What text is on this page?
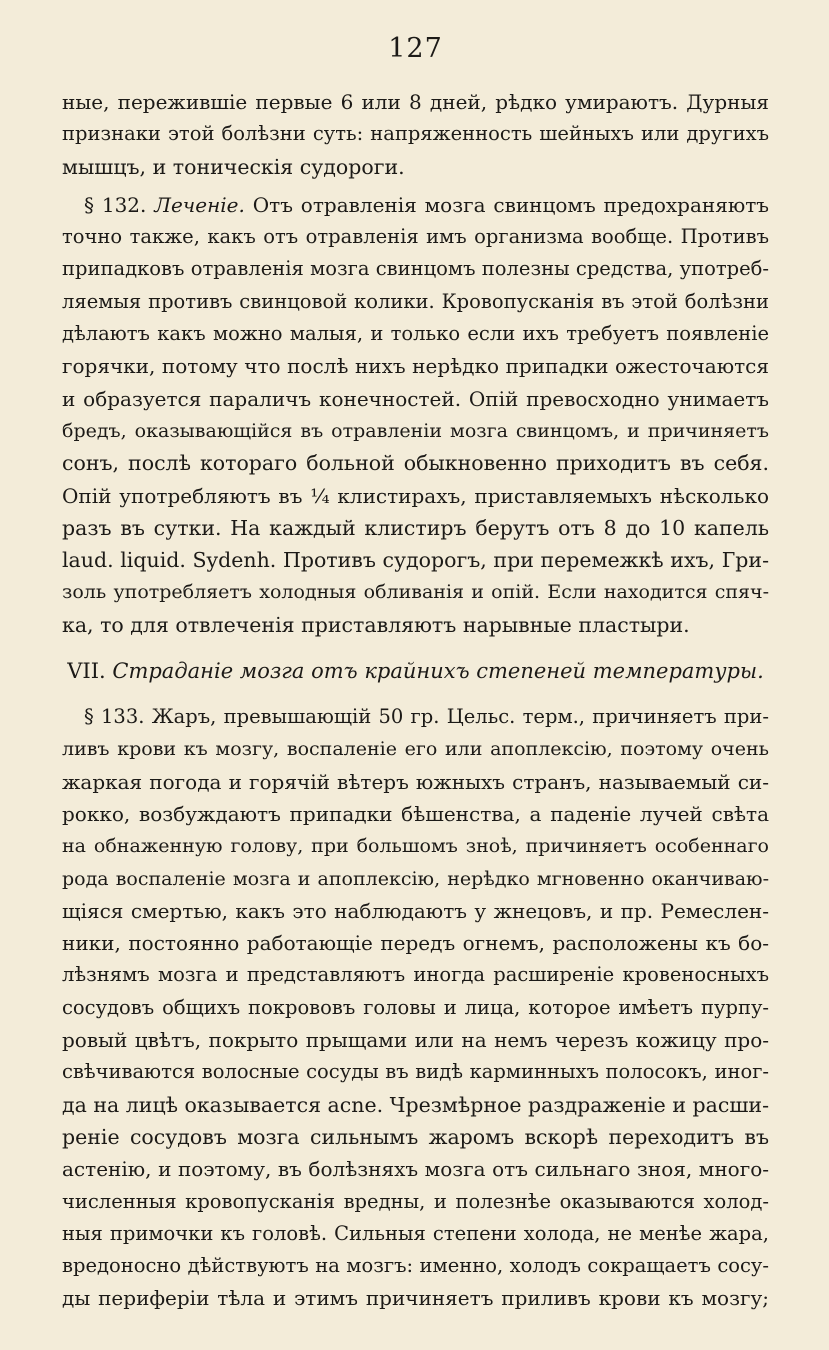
127
ные, пережившіе первые 6 или 8 дней, рѣдко умираютъ. Дурныя
признаки этой болѣзни суть: напряженность шейныхъ или другихъ
мышцъ, и тоническія судороги.
§ 132. Леченіе. Отъ отравленія мозга свинцомъ предохраняютъ
точно также, какъ отъ отравленія имъ организма вообще. Противъ
припадковъ отравленія мозга свинцомъ полезны средства, употреб-
ляемыя противъ свинцовой колики. Кровопусканія въ этой болѣзни
дѣлаютъ какъ можно малыя, и только если ихъ требуетъ появленіе
горячки, потому что послѣ нихъ нерѣдко припадки ожесточаются
и образуется параличъ конечностей. Опій превосходно унимаетъ
бредъ, оказывающійся въ отравленіи мозга свинцомъ, и причиняетъ
сонъ, послѣ котораго больной обыкновенно приходитъ въ себя.
Опій употребляютъ въ ¼ клистирахъ, приставляемыхъ нѣсколько
разъ въ сутки. На каждый клистиръ берутъ отъ 8 до 10 капель
laud. liquid. Sydenh. Противъ судорогъ, при перемежкѣ ихъ, Гри-
золь употребляетъ холодныя обливанія и опій. Если находится спяч-
ка, то для отвлеченія приставляютъ нарывные пластыри.
VII. Страданіе мозга отъ крайнихъ степеней температуры.
§ 133. Жаръ, превышающій 50 гр. Цельс. терм., причиняетъ при-
ливъ крови къ мозгу, воспаленіе его или апоплексію, поэтому очень
жаркая погода и горячій вѣтеръ южныхъ странъ, называемый си-
рокко, возбуждаютъ припадки бѣшенства, а паденіе лучей свѣта
на обнаженную голову, при большомъ зноѣ, причиняетъ особеннаго
рода воспаленіе мозга и апоплексію, нерѣдко мгновенно оканчиваю-
щіяся смертью, какъ это наблюдаютъ у жнецовъ, и пр. Ремеслен-
ники, постоянно работающіе передъ огнемъ, расположены къ бо-
лѣзнямъ мозга и представляютъ иногда расширеніе кровеносныхъ
сосудовъ общихъ покрововъ головы и лица, которое имѣетъ пурпу-
ровый цвѣтъ, покрыто прыщами или на немъ черезъ кожицу про-
свѣчиваются волосные сосуды въ видѣ карминныхъ полосокъ, иног-
да на лицѣ оказывается acne. Чрезмѣрное раздраженіе и расши-
реніе сосудовъ мозга сильнымъ жаромъ вскорѣ переходитъ въ
астенію, и поэтому, въ болѣзняхъ мозга отъ сильнаго зноя, много-
численныя кровопусканія вредны, и полезнѣе оказываются холод-
ныя примочки къ головѣ. Сильныя степени холода, не менѣе жара,
вредоносно дѣйствуютъ на мозгъ: именно, холодъ сокращаетъ сосу-
ды периферіи тѣла и этимъ причиняетъ приливъ крови къ мозгу;
